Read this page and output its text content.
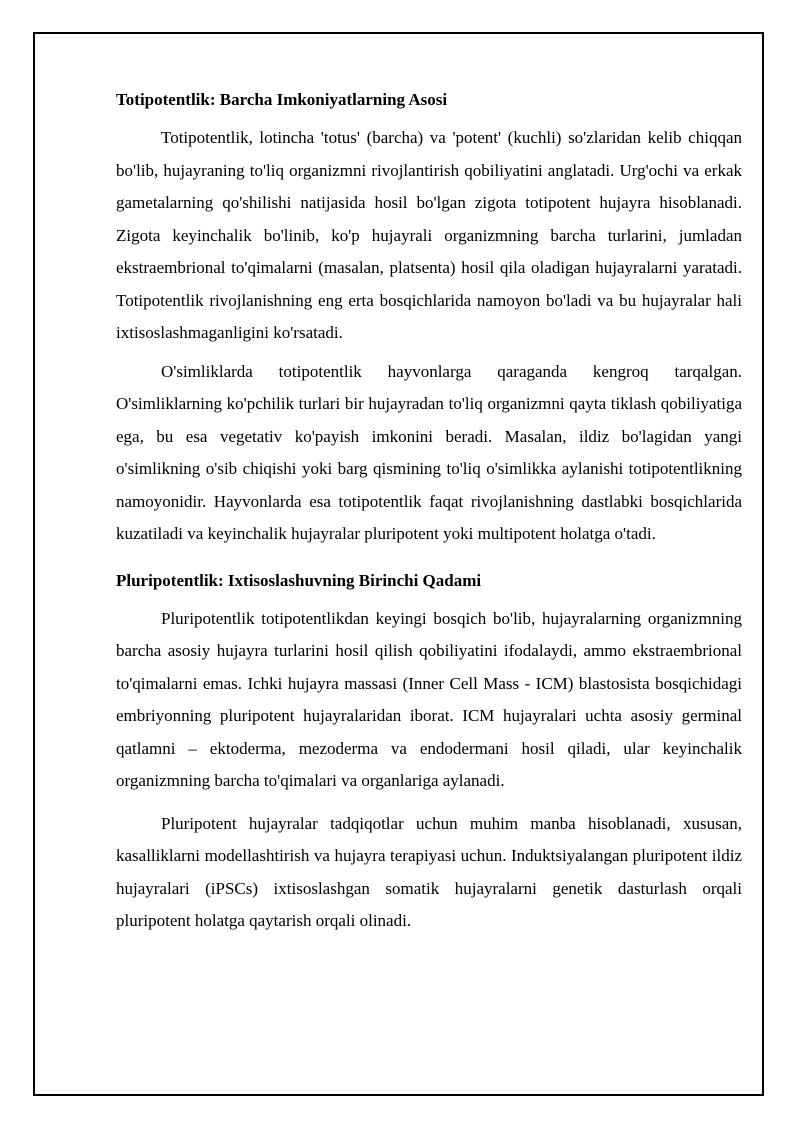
Totipotentlik: Barcha Imkoniyatlarning Asosi

Totipotentlik, lotincha 'totus' (barcha) va 'potent' (kuchli) so'zlaridan kelib chiqqan bo'lib, hujayraning to'liq organizmni rivojlantirish qobiliyatini anglatadi. Urg'ochi va erkak gametalarning qo'shilishi natijasida hosil bo'lgan zigota totipotent hujayra hisoblanadi. Zigota keyinchalik bo'linib, ko'p hujayrali organizmning barcha turlarini, jumladan ekstraembrional to'qimalarni (masalan, platsenta) hosil qila oladigan hujayralarni yaratadi. Totipotentlik rivojlanishning eng erta bosqichlarida namoyon bo'ladi va bu hujayralar hali ixtisoslashmaganligini ko'rsatadi.

O'simliklarda totipotentlik hayvonlarga qaraganda kengroq tarqalgan. O'simliklarning ko'pchilik turlari bir hujayradan to'liq organizmni qayta tiklash qobiliyatiga ega, bu esa vegetativ ko'payish imkonini beradi. Masalan, ildiz bo'lagidan yangi o'simlikning o'sib chiqishi yoki barg qismining to'liq o'simlikka aylanishi totipotentlikning namoyonidir. Hayvonlarda esa totipotentlik faqat rivojlanishning dastlabki bosqichlarida kuzatiladi va keyinchalik hujayralar pluripotent yoki multipotent holatga o'tadi.

Pluripotentlik: Ixtisoslashuvning Birinchi Qadami

Pluripotentlik totipotentlikdan keyingi bosqich bo'lib, hujayralarning organizmning barcha asosiy hujayra turlarini hosil qilish qobiliyatini ifodalaydi, ammo ekstraembrional to'qimalarni emas. Ichki hujayra massasi (Inner Cell Mass - ICM) blastosista bosqichidagi embriyonning pluripotent hujayralaridan iborat. ICM hujayralari uchta asosiy germinal qatlamni – ektoderma, mezoderma va endodermani hosil qiladi, ular keyinchalik organizmning barcha to'qimalari va organlariga aylanadi.

Pluripotent hujayralar tadqiqotlar uchun muhim manba hisoblanadi, xususan, kasalliklarni modellashtirish va hujayra terapiyasi uchun. Induktsiyalangan pluripotent ildiz hujayralari (iPSCs) ixtisoslashgan somatik hujayralarni genetik dasturlash orqali pluripotent holatga qaytarish orqali olinadi.
